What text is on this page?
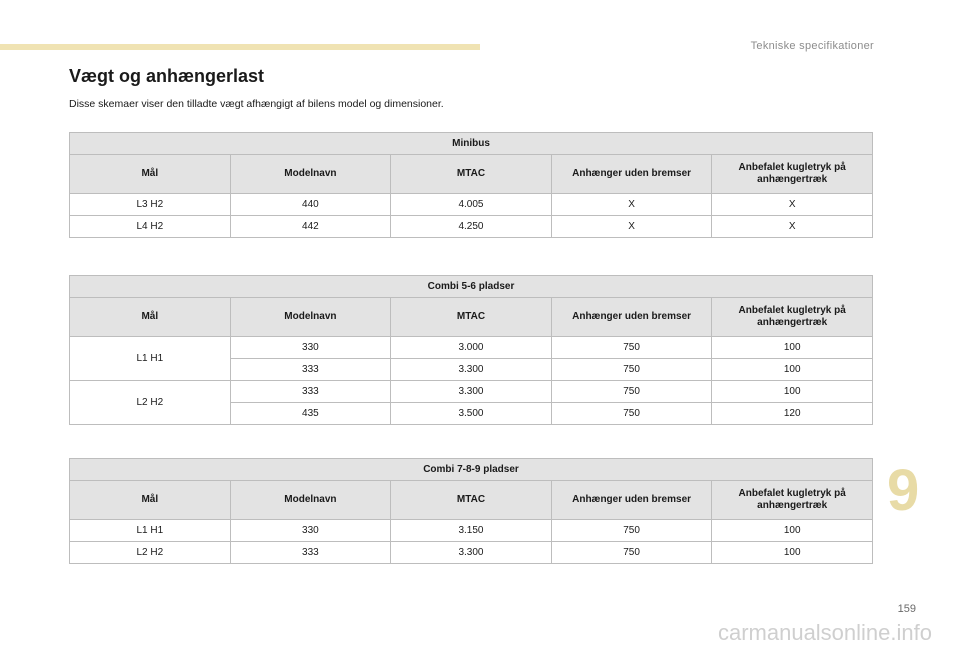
Tekniske specifikationer
Vægt og anhængerlast

Disse skemaer viser den tilladte vægt afhængigt af bilens model og dimensioner.

Minibus				
Mål	Modelnavn	MTAC	Anhænger uden bremser	Anbefalet kugletryk på anhængertræk
L3 H2	440	4.005	X	X
L4 H2	442	4.250	X	X
Combi 5-6 pladser				
Mål	Modelnavn	MTAC	Anhænger uden bremser	Anbefalet kugletryk på anhængertræk
L1 H1	330	3.000	750	100
	333	3.300	750	100
L2 H2	333	3.300	750	100
	435	3.500	750	120
Combi 7-8-9 pladser				
Mål	Modelnavn	MTAC	Anhænger uden bremser	Anbefalet kugletryk på anhængertræk
L1 H1	330	3.150	750	100
L2 H2	333	3.300	750	100
9
159
carmanualsonline.info
